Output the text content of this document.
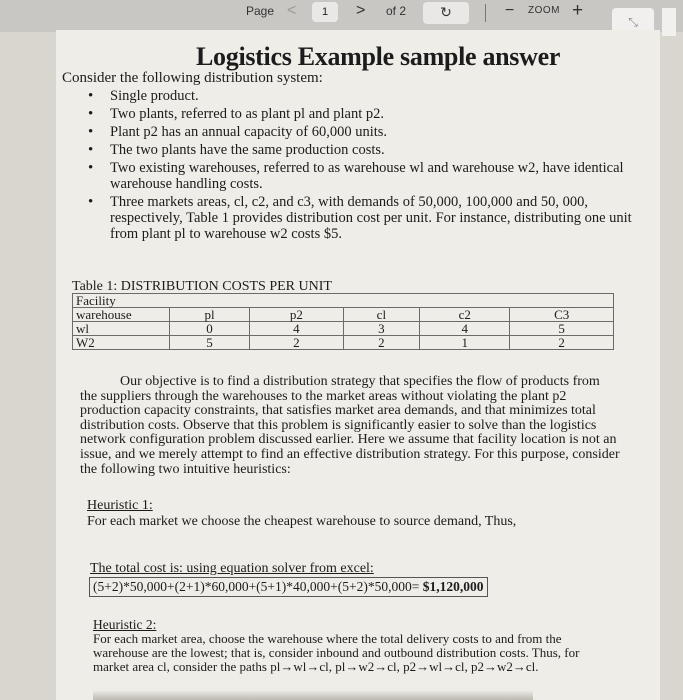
Page <	1	> of 2	↻	− ZOOM +
⤡
Logistics Example sample answer
Consider the following distribution system:
• Single product.
• Two plants, referred to as plant pl and plant p2.
• Plant p2 has an annual capacity of 60,000 units.
• The two plants have the same production costs.
• Two existing warehouses, referred to as warehouse wl and warehouse w2, have identical warehouse handling costs.
• Three markets areas, cl, c2, and c3, with demands of 50,000, 100,000 and 50, 000, respectively, Table 1 provides distribution cost per unit. For instance, distributing one unit from plant pl to warehouse w2 costs $5.
Table 1: DISTRIBUTION COSTS PER UNIT
Facility					
warehouse	pl	p2	cl	c2	C3
wl	0	4	3	4	5
W2	5	2	2	1	2

Our objective is to find a distribution strategy that specifies the flow of products from the suppliers through the warehouses to the market areas without violating the plant p2 production capacity constraints, that satisfies market area demands, and that minimizes total distribution costs. Observe that this problem is significantly easier to solve than the logistics network configuration problem discussed earlier. Here we assume that facility location is not an issue, and we merely attempt to find an effective distribution strategy. For this purpose, consider the following two intuitive heuristics:

Heuristic 1:
For each market we choose the cheapest warehouse to source demand, Thus,
The total cost is: using equation solver from excel:
(5+2)*50,000+(2+1)*60,000+(5+1)*40,000+(5+2)*50,000= $1,120,000
Heuristic 2:

For each market area, choose the warehouse where the total delivery costs to and from the warehouse are the lowest; that is, consider inbound and outbound distribution costs. Thus, for market area cl, consider the paths pl→wl→cl, pl→w2→cl, p2→wl→cl, p2→w2→cl.
